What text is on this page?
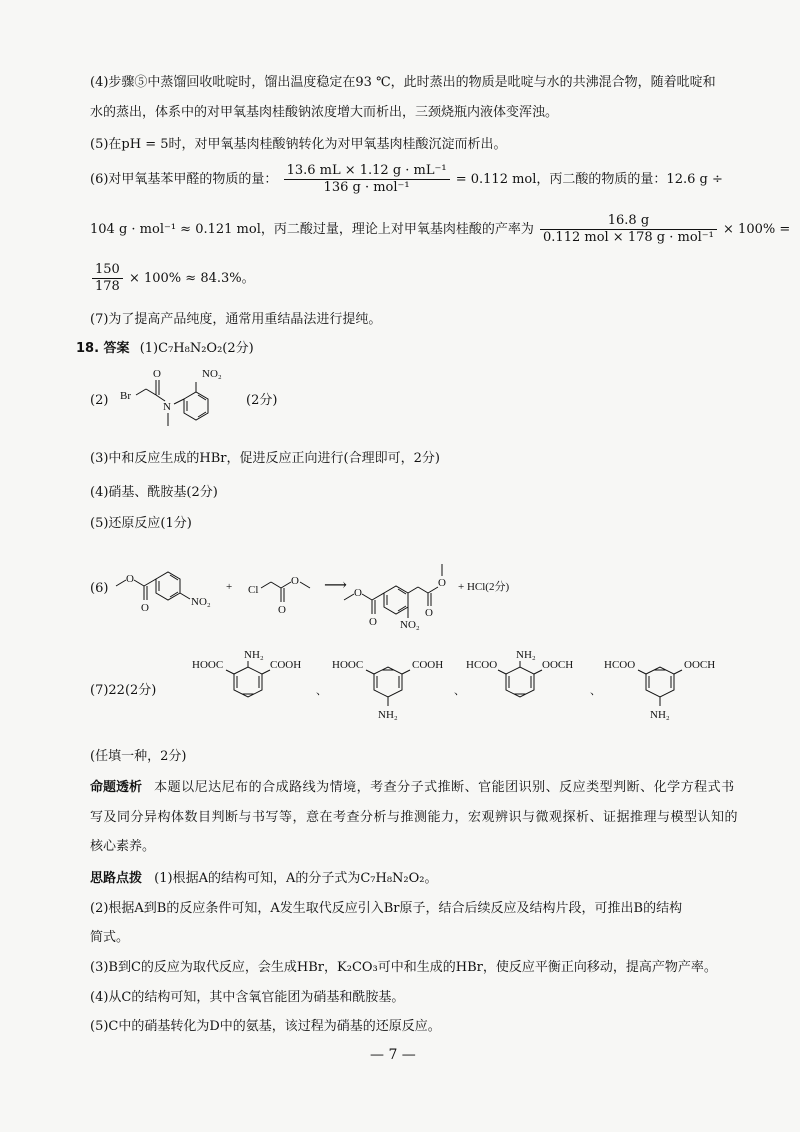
(4)步骤⑤中蒸馏回收吡啶时，馏出温度稳定在93 ℃，此时蒸出的物质是吡啶与水的共沸混合物，随着吡啶和
水的蒸出，体系中的对甲氧基肉桂酸钠浓度增大而析出，三颈烧瓶内液体变浑浊。
(5)在pH = 5时，对甲氧基肉桂酸钠转化为对甲氧基肉桂酸沉淀而析出。
(6)对甲氧基苯甲醛的物质的量： $\frac{\text{13.6 mL × 1.12 g · mL⁻¹}}{\text{136 g · mol⁻¹}} = 0.112$ mol，丙二酸的物质的量：12.6 g ÷
104 g · mol⁻¹ ≈ 0.121 mol，丙二酸过量，理论上对甲氧基肉桂酸的产率为 $\frac{16.8 g}{\text{0.112 mol × 178 g · mol⁻¹}} \times 100\%$ =
$\frac{150}{178} \times 100\% \approx 84.3\%$。
(7)为了提高产品纯度，通常用重结晶法进行提纯。
18. 答案 (1)C₇H₈N₂O₂(2分)
(2) Br
O
N
NO₂
(2分)
(3)中和反应生成的HBr，促进反应正向进行(合理即可，2分)
(4)硝基、酰胺基(2分)
(5)还原反应(1分)
(6)
O
O	NO₂
+ Cl
O
O ⟶ O
O NO₂
O
O + HCl(2分)
(7)22(2分)
HOOC
NH₂
COOH
、
HOOC	COOH
NH₂
、
HCOO
NH₂
OOCH
、
HCOO	OOCH
NH₂
(任填一种，2分)
命题透析 本题以尼达尼布的合成路线为情境，考查分子式推断、官能团识别、反应类型判断、化学方程式书
写及同分异构体数目判断与书写等，意在考查分析与推测能力，宏观辨识与微观探析、证据推理与模型认知的
核心素养。
思路点拨 (1)根据A的结构可知，A的分子式为C₇H₈N₂O₂。
(2)根据A到B的反应条件可知，A发生取代反应引入Br原子，结合后续反应及结构片段，可推出B的结构
简式。
(3)B到C的反应为取代反应，会生成HBr，K₂CO₃可中和生成的HBr，使反应平衡正向移动，提高产物产率。
(4)从C的结构可知，其中含氧官能团为硝基和酰胺基。
(5)C中的硝基转化为D中的氨基，该过程为硝基的还原反应。
— 7 —
